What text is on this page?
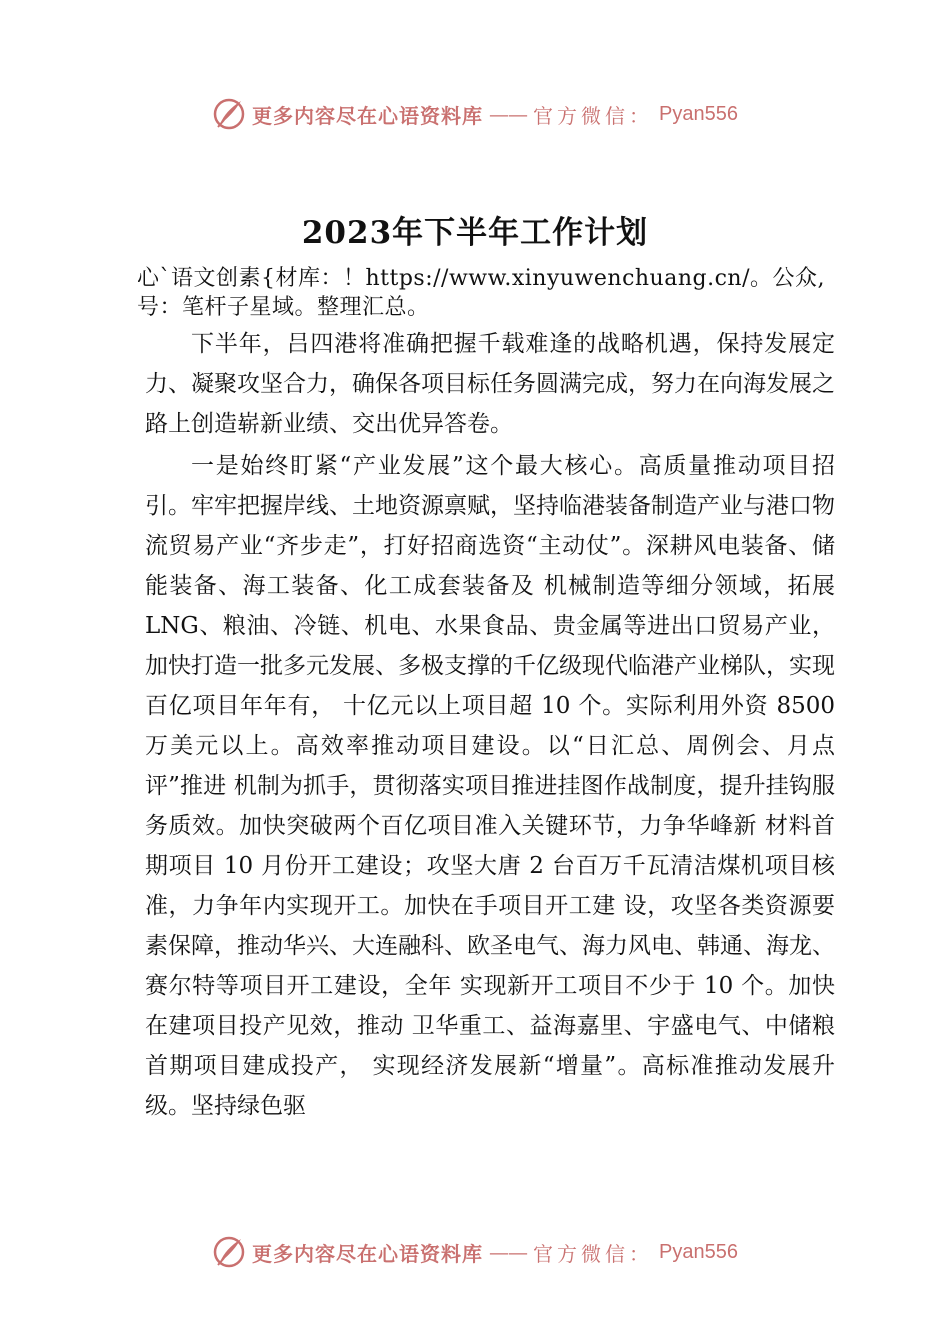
更多内容尽在心语资料库 —— 官方微信： Pyan556
2023年下半年工作计划

心`语文创素{材库：！https://www.xinyuwenchuang.cn/。公众,号：笔杆子星域。整理汇总。

下半年，吕四港将准确把握千载难逢的战略机遇，保持发展定力、凝聚攻坚合力，确保各项目标任务圆满完成，努力在向海发展之路上创造崭新业绩、交出优异答卷。

一是始终盯紧“产业发展”这个最大核心。高质量推动项目招引。牢牢把握岸线、土地资源禀赋，坚持临港装备制造产业与港口物流贸易产业“齐步走”，打好招商选资“主动仗”。深耕风电装备、储能装备、海工装备、化工成套装备及 机械制造等细分领域，拓展 LNG、粮油、冷链、机电、水果食品、贵金属等进出口贸易产业，加快打造一批多元发展、多极支撑的千亿级现代临港产业梯队，实现百亿项目年年有， 十亿元以上项目超 10 个。实际利用外资 8500 万美元以上。高效率推动项目建设。以“日汇总、周例会、月点评”推进 机制为抓手，贯彻落实项目推进挂图作战制度，提升挂钩服 务质效。加快突破两个百亿项目准入关键环节，力争华峰新 材料首期项目 10 月份开工建设；攻坚大唐 2 台百万千瓦清洁煤机项目核准，力争年内实现开工。加快在手项目开工建 设，攻坚各类资源要素保障，推动华兴、大连融科、欧圣电气、海力风电、韩通、海龙、赛尔特等项目开工建设，全年 实现新开工项目不少于 10 个。加快在建项目投产见效，推动 卫华重工、益海嘉里、宇盛电气、中储粮首期项目建成投产， 实现经济发展新“增量”。高标准推动发展升级。坚持绿色驱

更多内容尽在心语资料库 —— 官方微信： Pyan556
